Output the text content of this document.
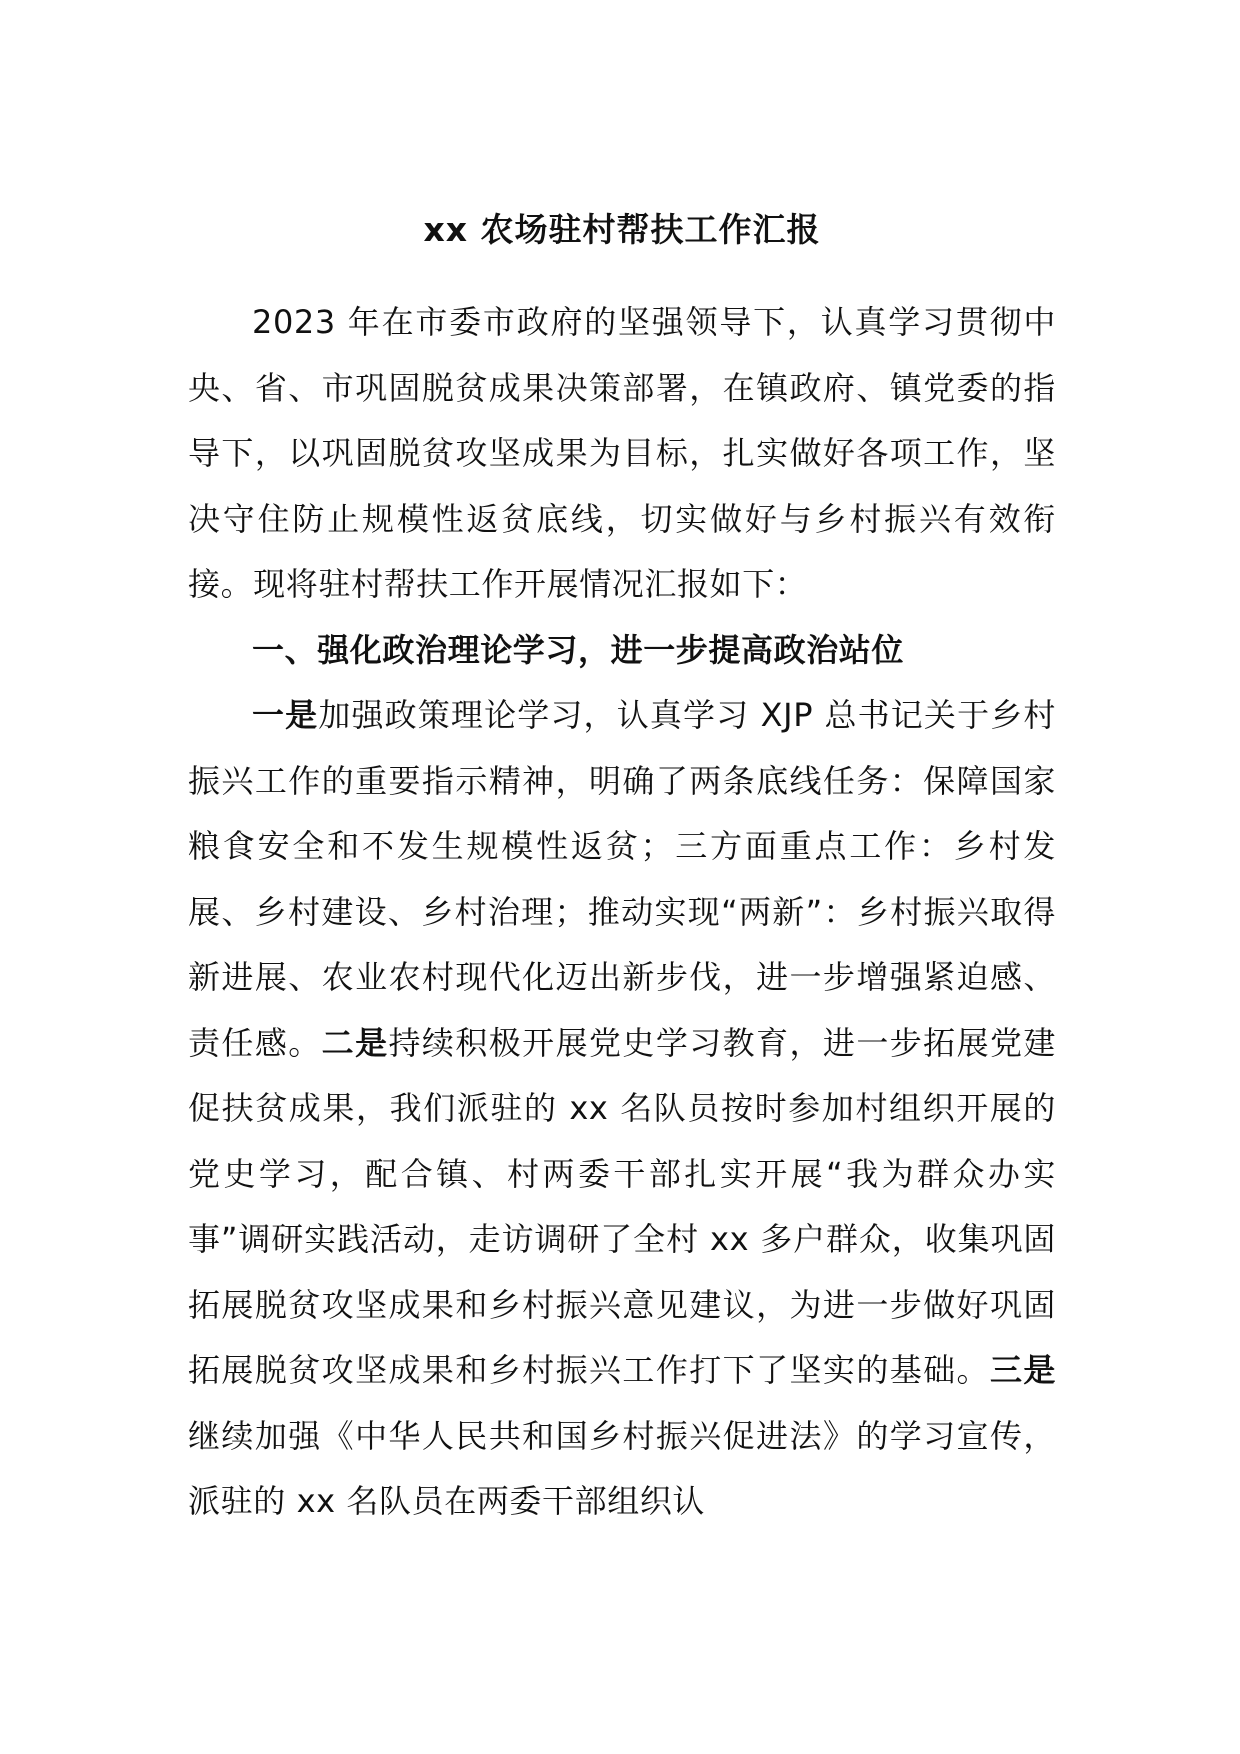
xx 农场驻村帮扶工作汇报

2023 年在市委市政府的坚强领导下，认真学习贯彻中央、省、市巩固脱贫成果决策部署，在镇政府、镇党委的指导下，以巩固脱贫攻坚成果为目标，扎实做好各项工作，坚决守住防止规模性返贫底线，切实做好与乡村振兴有效衔接。现将驻村帮扶工作开展情况汇报如下：

一、强化政治理论学习，进一步提高政治站位

一是加强政策理论学习，认真学习 XJP 总书记关于乡村振兴工作的重要指示精神，明确了两条底线任务：保障国家粮食安全和不发生规模性返贫；三方面重点工作：乡村发展、乡村建设、乡村治理；推动实现“两新”：乡村振兴取得新进展、农业农村现代化迈出新步伐，进一步增强紧迫感、责任感。二是持续积极开展党史学习教育，进一步拓展党建促扶贫成果，我们派驻的 xx 名队员按时参加村组织开展的党史学习，配合镇、村两委干部扎实开展“我为群众办实事”调研实践活动，走访调研了全村 xx 多户群众，收集巩固拓展脱贫攻坚成果和乡村振兴意见建议，为进一步做好巩固拓展脱贫攻坚成果和乡村振兴工作打下了坚实的基础。三是继续加强《中华人民共和国乡村振兴促进法》的学习宣传，派驻的 xx 名队员在两委干部组织认
